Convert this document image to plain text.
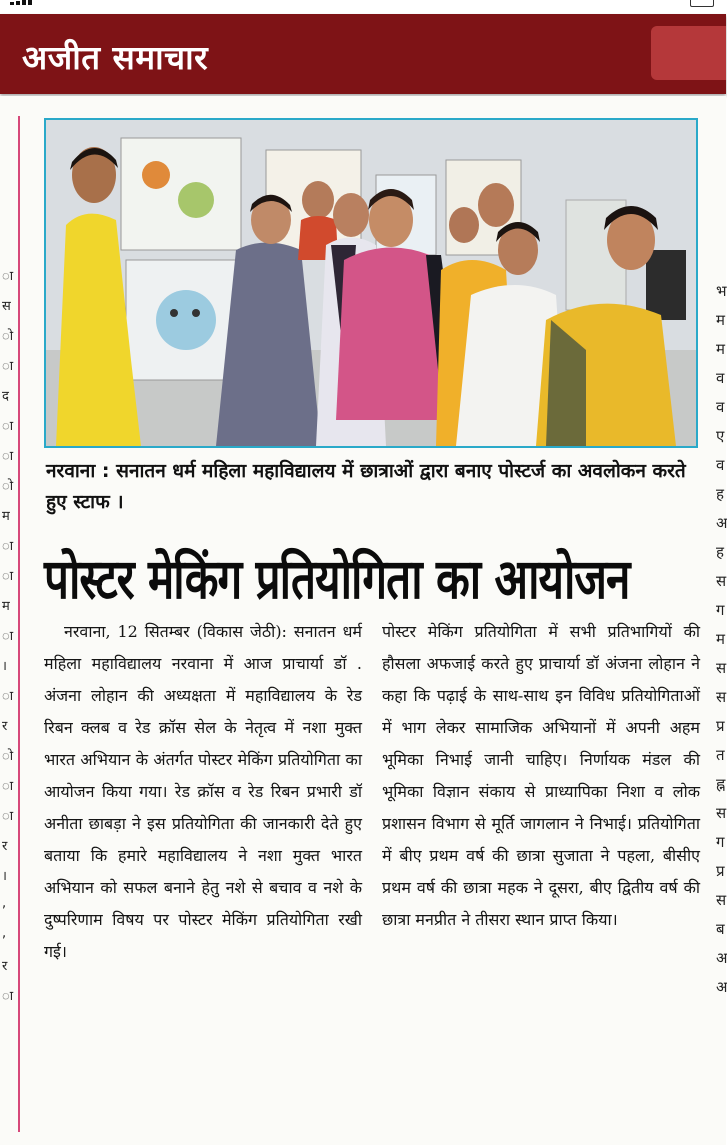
अजीत समाचार
ा
स
ो
ा
द
ा
ा
ो
म
ा
ा
म
ा
।
ा
र
ो
ा
ा
र
।
,
,
र
ा
भ
म
म
व
व
ए
व
ह
अ
ह
स
ग
म
स
स
प्र
त
ह्न
स
ग
प्र
स
ब
अ
अ
नरवाना : सनातन धर्म महिला महाविद्यालय में छात्राओं द्वारा बनाए पोस्टर्ज का अवलोकन करते हुए स्टाफ ।
पोस्टर मेकिंग प्रतियोगिता का आयोजन
नरवाना, 12 सितम्बर (विकास जेठी): सनातन धर्म महिला महाविद्यालय नरवाना में आज प्राचार्या डॉ . अंजना लोहान की अध्यक्षता में महाविद्यालय के रेड रिबन क्लब व रेड क्रॉस सेल के नेतृत्व में नशा मुक्त भारत अभियान के अंतर्गत पोस्टर मेकिंग प्रतियोगिता का आयोजन किया गया। रेड क्रॉस व रेड रिबन प्रभारी डॉ अनीता छाबड़ा ने इस प्रतियोगिता की जानकारी देते हुए बताया कि हमारे महाविद्यालय ने नशा मुक्त भारत अभियान को सफल बनाने हेतु नशे से बचाव व नशे के दुष्परिणाम विषय पर पोस्टर मेकिंग प्रतियोगिता रखी गई।
पोस्टर मेकिंग प्रतियोगिता में सभी प्रतिभागियों की हौसला अफजाई करते हुए प्राचार्या डॉ अंजना लोहान ने कहा कि पढ़ाई के साथ-साथ इन विविध प्रतियोगिताओं में भाग लेकर सामाजिक अभियानों में अपनी अहम भूमिका निभाई जानी चाहिए। निर्णायक मंडल की भूमिका विज्ञान संकाय से प्राध्यापिका निशा व लोक प्रशासन विभाग से मूर्ति जागलान ने निभाई। प्रतियोगिता में बीए प्रथम वर्ष की छात्रा सुजाता ने पहला, बीसीए प्रथम वर्ष की छात्रा महक ने दूसरा, बीए द्वितीय वर्ष की छात्रा मनप्रीत ने तीसरा स्थान प्राप्त किया।
